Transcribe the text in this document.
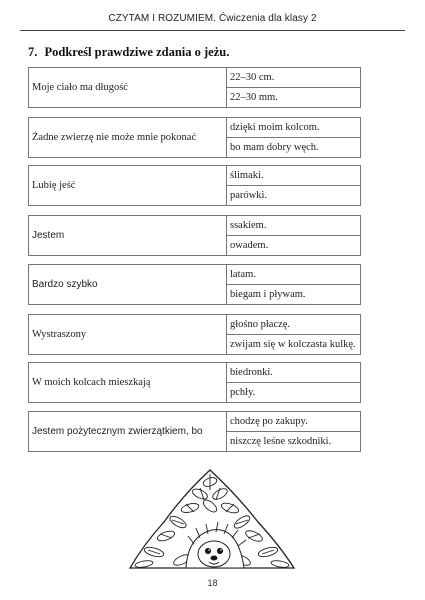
CZYTAM I ROZUMIEM. Ćwiczenia dla klasy 2
7. Podkreśl prawdziwe zdania o jeżu.
Moje ciało ma długość	22–30 cm.
22–30 mm.
Żadne zwierzę nie może mnie pokonać	dzięki moim kolcom.
bo mam dobry węch.
Lubię jeść	ślimaki.
parówki.
Jestem	ssakiem.
owadem.
Bardzo szybko	latam.
biegam i pływam.
Wystraszony	głośno płaczę.
zwijam się w kolczasta kulkę.
W moich kolcach mieszkają	biedronki.
pchły.
Jestem pożytecznym zwierzątkiem, bo	chodzę po zakupy.
niszczę leśne szkodniki.
18
